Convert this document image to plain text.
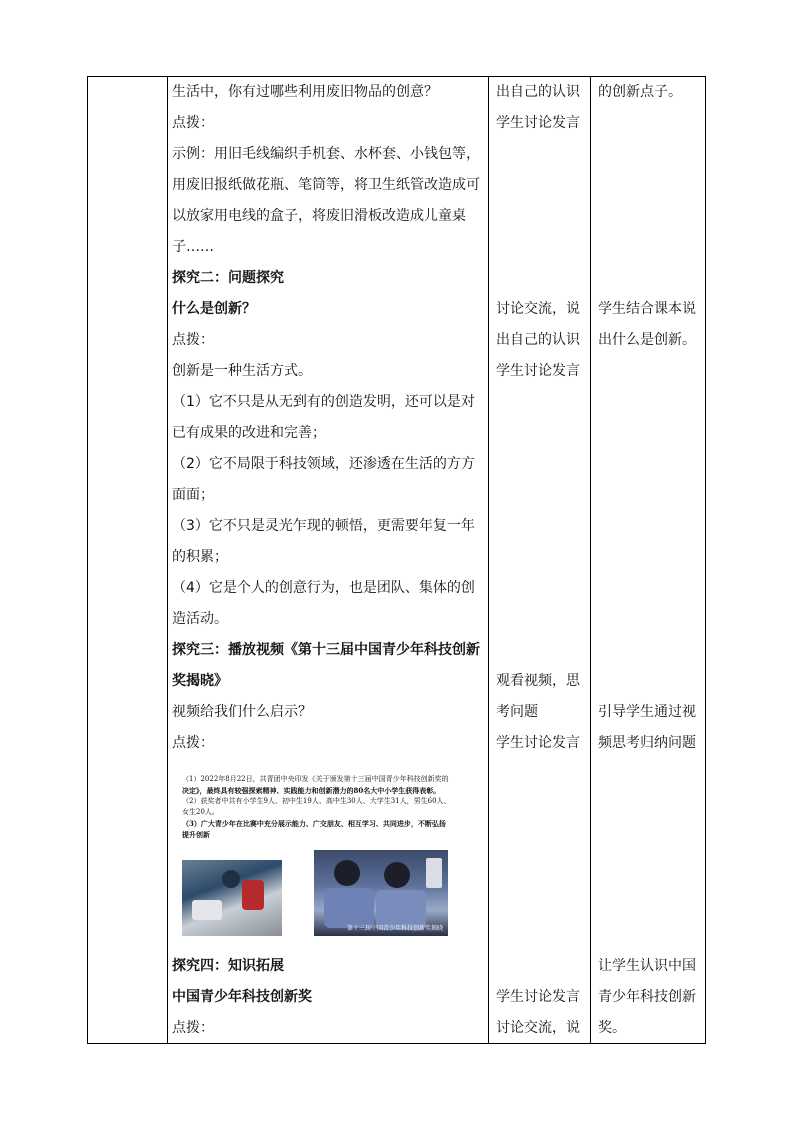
生活中，你有过哪些利用废旧物品的创意？
点拨：
示例：用旧毛线编织手机套、水杯套、小钱包等，
用废旧报纸做花瓶、笔筒等，将卫生纸管改造成可
以放家用电线的盒子，将废旧滑板改造成儿童桌
子……
探究二：问题探究
什么是创新？
点拨：
创新是一种生活方式。
（1）它不只是从无到有的创造发明，还可以是对
已有成果的改进和完善；
（2）它不局限于科技领域，还渗透在生活的方方
面面；
（3）它不只是灵光乍现的顿悟，更需要年复一年
的积累；
（4）它是个人的创意行为，也是团队、集体的创
造活动。
探究三：播放视频《第十三届中国青少年科技创新
奖揭晓》
视频给我们什么启示？
点拨：
探究四：知识拓展
中国青少年科技创新奖
点拨：
出自己的认识
学生讨论发言
讨论交流，说
出自己的认识
学生讨论发言
观看视频，思
考问题
学生讨论发言
学生讨论发言
讨论交流，说
的创新点子。
学生结合课本说
出什么是创新。
引导学生通过视
频思考归纳问题
让学生认识中国
青少年科技创新
奖。
（1）2022年8月22日，共青团中央印发《关于颁发第十三届中国青少年科技创新奖的
决定》，最终具有较强探索精神、实践能力和创新潜力的80名大中小学生获得表彰。
（2）获奖者中共有小学生9人、初中生19人、高中生30人、大学生31人，男生60人、
女生20人。
（3）广大青少年在比赛中充分展示能力、广交朋友、相互学习、共同进步，不断弘扬
提升创新
第十三届中国青少年科技创新奖揭晓
